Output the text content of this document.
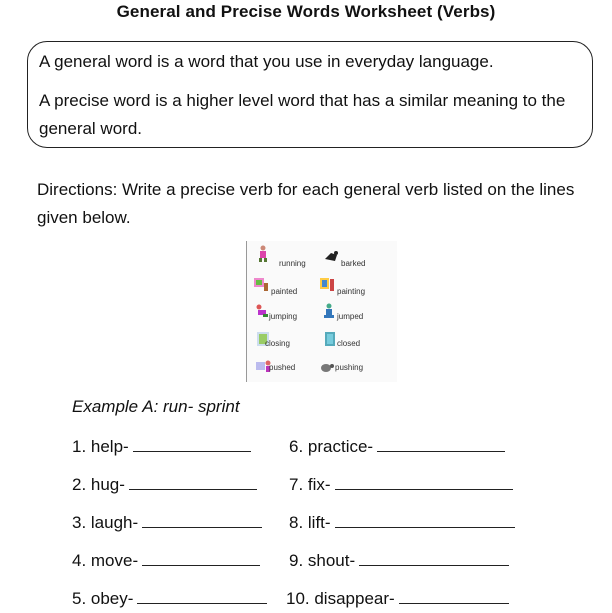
General and Precise Words Worksheet (Verbs)
A general word is a word that you use in everyday language.
A precise word is a higher level word that has a similar meaning to the general word.
Directions: Write a precise verb for each general verb listed on the lines given below.
running
painted
jumping
closing
pushed
barked
painting
jumped
closed
pushing
Example A: run- sprint
1. help-
2. hug-
3. laugh-
4. move-
5. obey-
6. practice-
7. fix-
8. lift-
9. shout-
10. disappear-
